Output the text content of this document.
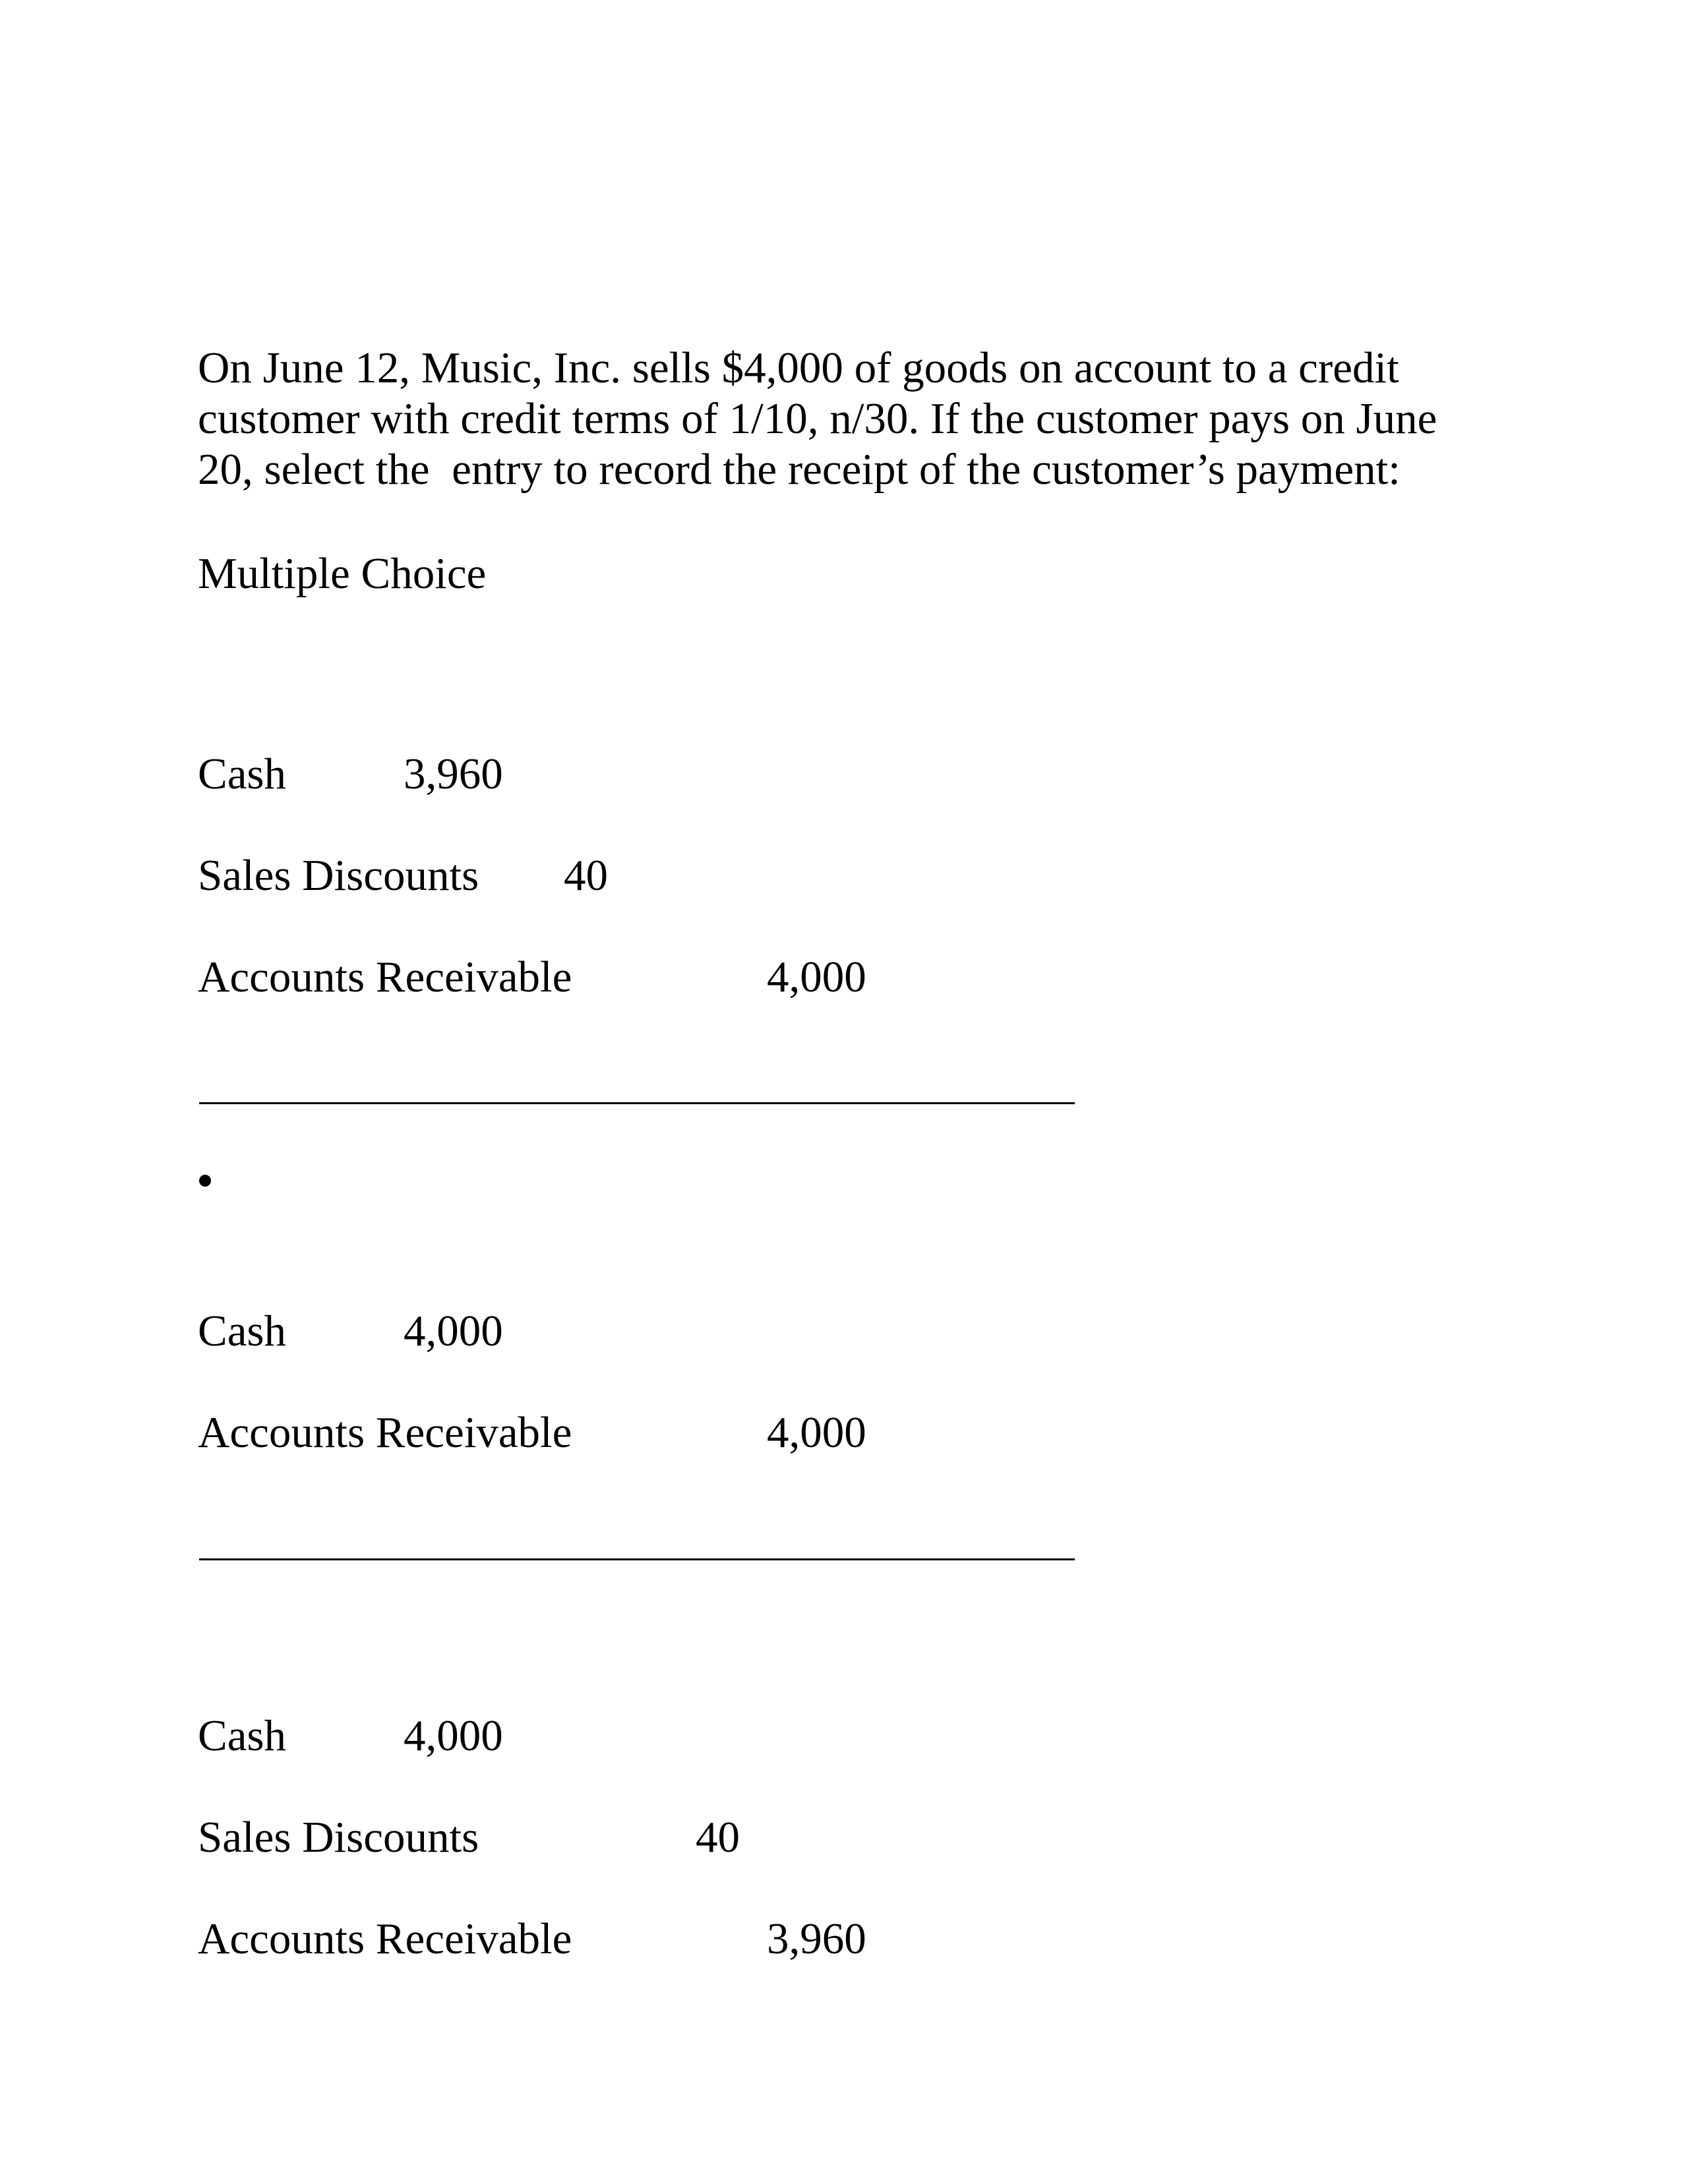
On June 12, Music, Inc. sells $4,000 of goods on account to a credit
customer with credit terms of 1/10, n/30. If the customer pays on June
20, select the  entry to record the receipt of the customer’s payment:
Multiple Choice
Cash	3,960
Sales Discounts 40
Accounts Receivable	4,000
Cash	4,000
Accounts Receivable	4,000
Cash	4,000
Sales Discounts	40
Accounts Receivable	3,960
